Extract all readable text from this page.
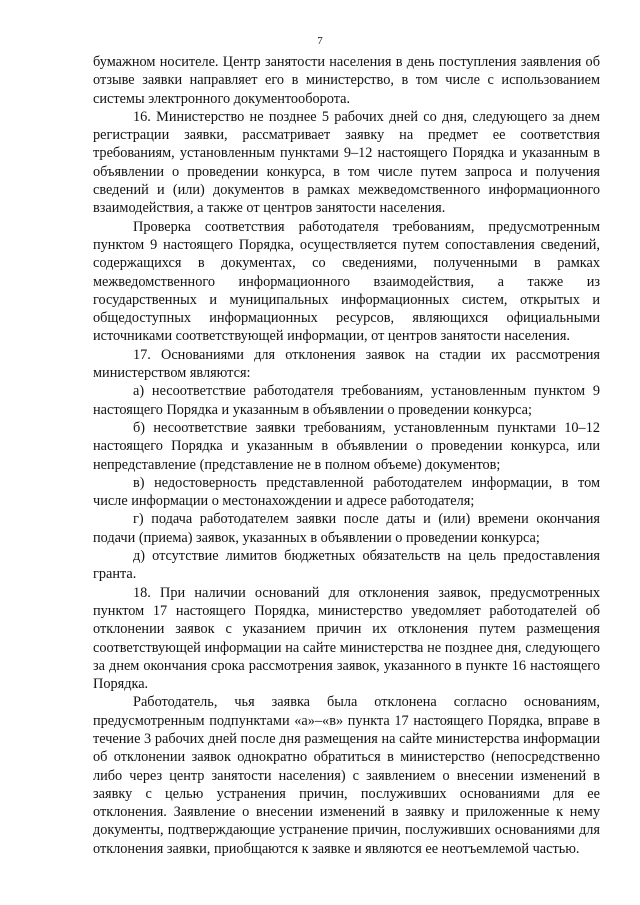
7

бумажном носителе. Центр занятости населения в день поступления заявления об отзыве заявки направляет его в министерство, в том числе с использованием системы электронного документооборота.

16. Министерство не позднее 5 рабочих дней со дня, следующего за днем регистрации заявки, рассматривает заявку на предмет ее соответствия требованиям, установленным пунктами 9–12 настоящего Порядка и указанным в объявлении о проведении конкурса, в том числе путем запроса и получения сведений и (или) документов в рамках межведомственного информационного взаимодействия, а также от центров занятости населения.

Проверка соответствия работодателя требованиям, предусмотренным пунктом 9 настоящего Порядка, осуществляется путем сопоставления сведений, содержащихся в документах, со сведениями, полученными в рамках межведомственного информационного взаимодействия, а также из государственных и муниципальных информационных систем, открытых и общедоступных информационных ресурсов, являющихся официальными источниками соответствующей информации, от центров занятости населения.

17. Основаниями для отклонения заявок на стадии их рассмотрения министерством являются:

а) несоответствие работодателя требованиям, установленным пунктом 9 настоящего Порядка и указанным в объявлении о проведении конкурса;

б) несоответствие заявки требованиям, установленным пунктами 10–12 настоящего Порядка и указанным в объявлении о проведении конкурса, или непредставление (представление не в полном объеме) документов;

в) недостоверность представленной работодателем информации, в том числе информации о местонахождении и адресе работодателя;

г) подача работодателем заявки после даты и (или) времени окончания подачи (приема) заявок, указанных в объявлении о проведении конкурса;

д) отсутствие лимитов бюджетных обязательств на цель предоставления гранта.

18. При наличии оснований для отклонения заявок, предусмотренных пунктом 17 настоящего Порядка, министерство уведомляет работодателей об отклонении заявок с указанием причин их отклонения путем размещения соответствующей информации на сайте министерства не позднее дня, следующего за днем окончания срока рассмотрения заявок, указанного в пункте 16 настоящего Порядка.

Работодатель, чья заявка была отклонена согласно основаниям, предусмотренным подпунктами «а»–«в» пункта 17 настоящего Порядка, вправе в течение 3 рабочих дней после дня размещения на сайте министерства информации об отклонении заявок однократно обратиться в министерство (непосредственно либо через центр занятости населения) с заявлением о внесении изменений в заявку с целью устранения причин, послуживших основаниями для ее отклонения. Заявление о внесении изменений в заявку и приложенные к нему документы, подтверждающие устранение причин, послуживших основаниями для отклонения заявки, приобщаются к заявке и являются ее неотъемлемой частью.
